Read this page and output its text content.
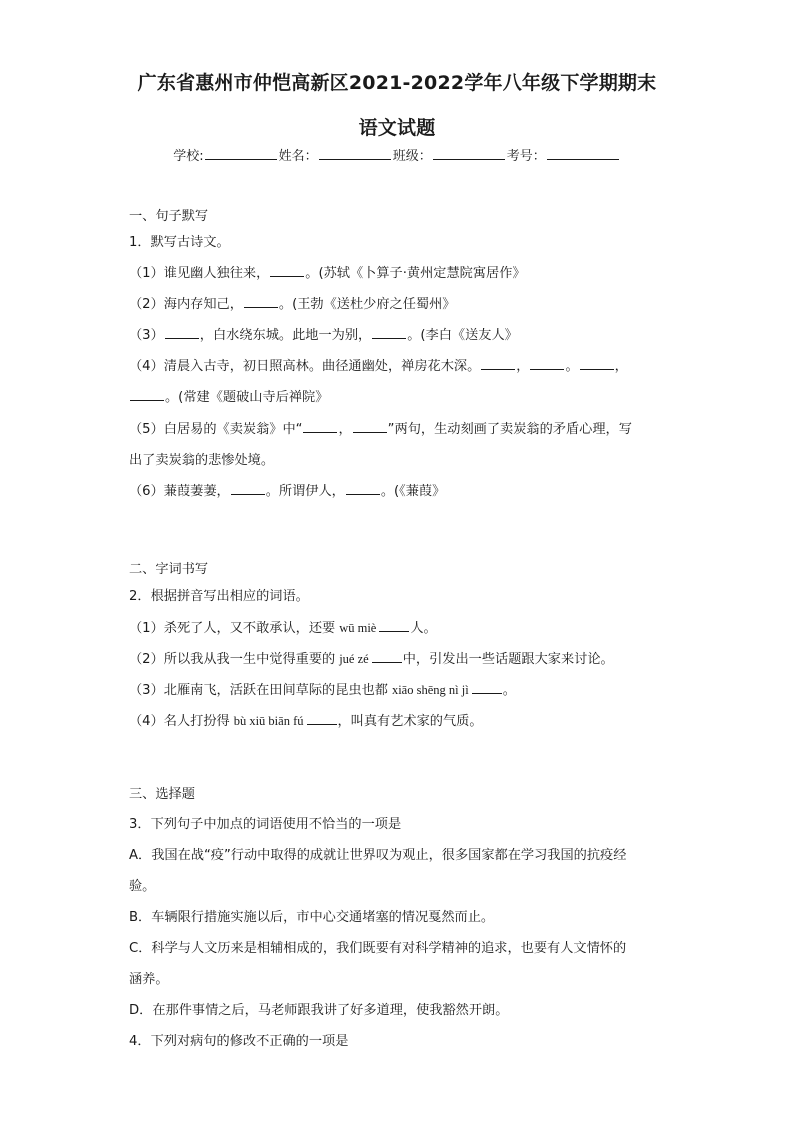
广东省惠州市仲恺高新区2021-2022学年八年级下学期期末
语文试题
学校:	姓名：	班级：	考号：
一、句子默写
1．默写古诗文。
（1）谁见幽人独往来，	。(苏轼《卜算子·黄州定慧院寓居作》
（2）海内存知己，	。(王勃《送杜少府之任蜀州》
（3）	，白水绕东城。此地一为别，	。(李白《送友人》
（4）清晨入古寺，初日照高林。曲径通幽处，禅房花木深。	，	。	，
。(常建《题破山寺后禅院》
（5）白居易的《卖炭翁》中“	，	”两句，生动刻画了卖炭翁的矛盾心理，写
出了卖炭翁的悲惨处境。
（6）蒹葭萋萋，	。所谓伊人，	。(《蒹葭》
二、字词书写
2．根据拼音写出相应的词语。
（1）杀死了人，又不敢承认，还要 wū miè	人。
（2）所以我从我一生中觉得重要的 jué zé	中，引发出一些话题跟大家来讨论。
（3）北雁南飞，活跃在田间草际的昆虫也都 xiāo shēng nì jì	。
（4）名人打扮得 bù xiū biān fú	，叫真有艺术家的气质。
三、选择题
3．下列句子中加点的词语使用不恰当的一项是
A．我国在战“疫”行动中取得的成就让世界叹为观止，很多国家都在学习我国的抗疫经
验。
B．车辆限行措施实施以后，市中心交通堵塞的情况戛然而止。
C．科学与人文历来是相辅相成的，我们既要有对科学精神的追求，也要有人文情怀的
涵养。
D．在那件事情之后，马老师跟我讲了好多道理，使我豁然开朗。
4．下列对病句的修改不正确的一项是
